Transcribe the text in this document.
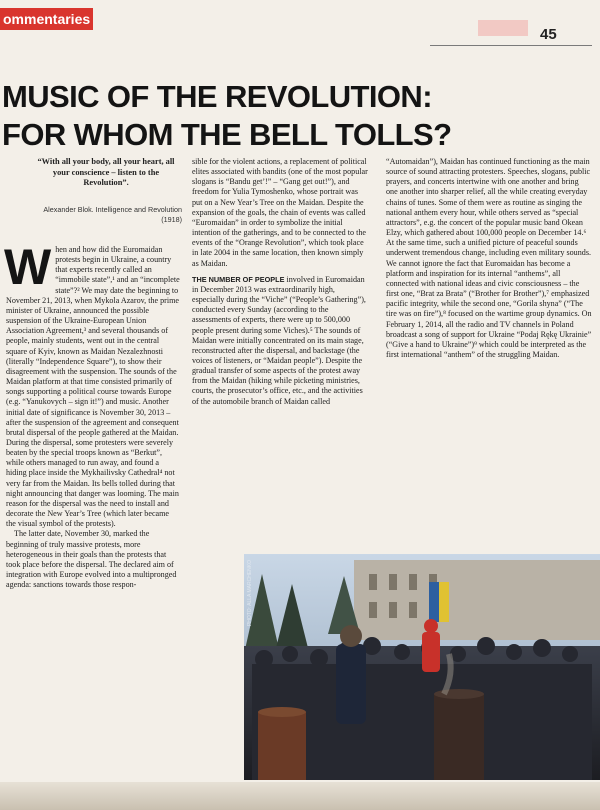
ommentaries
45
MUSIC OF THE REVOLUTION:
FOR WHOM THE BELL TOLLS?
“With all your body, all your heart, all your conscience – listen to the Revolution”.
Alexander Blok. Intelligence and Revolution (1918)
W hen and how did the Euromaidan protests begin in Ukraine, a country that experts recently called an “immobile state”,¹ and an “incomplete state”?² We may date the beginning to November 21, 2013, when Mykola Azarov, the prime minister of Ukraine, announced the possible suspension of the Ukraine-European Union Association Agreement,³ and several thousands of people, mainly students, went out in the central square of Kyiv, known as Maidan Nezalezhnosti (literally “Independence Square”), to show their disagreement with the suspension. The sounds of the Maidan platform at that time consisted primarily of songs supporting a political course towards Europe (e.g. “Yanukovych – sign it!”) and music. Another initial date of significance is November 30, 2013 – after the suspension of the agreement and consequent brutal dispersal of the people gathered at the Maidan. During the dispersal, some protesters were severely beaten by the special troops known as “Berkut”, while others managed to run away, and found a hiding place inside the Mykhailivsky Cathedral⁴ not very far from the Maidan. Its bells tolled during that night announcing that danger was looming. The main reason for the dispersal was the need to install and decorate the New Year’s Tree (which later became the visual symbol of the protests).

The latter date, November 30, marked the beginning of truly massive protests, more heterogeneous in their goals than the protests that took place before the dispersal. The declared aim of integration with Europe evolved into a multipronged agenda: sanctions towards those respon-

sible for the violent actions, a replacement of political elites associated with bandits (one of the most popular slogans is “Bandu get’!” – “Gang get out!”), and freedom for Yulia Tymoshenko, whose portrait was put on a New Year’s Tree on the Maidan. Despite the expansion of the goals, the chain of events was called “Euromaidan” in order to symbolize the initial intention of the gatherings, and to be connected to the events of the “Orange Revolution”, which took place in late 2004 in the same location, then known simply as Maidan.

THE NUMBER OF PEOPLE involved in Euromaidan in December 2013 was extraordinarily high, especially during the “Viche” (“People’s Gathering”), conducted every Sunday (according to the assessments of experts, there were up to 500,000 people present during some Viches).⁵ The sounds of Maidan were initially concentrated on its main stage, reconstructed after the dispersal, and backstage (the voices of listeners, or “Maidan people”). Despite the gradual transfer of some aspects of the protest away from the Maidan (hiking while picketing ministries, courts, the prosecutor’s office, etc., and the activities of the automobile branch of Maidan called

“Automaidan”), Maidan has continued functioning as the main source of sound attracting protesters. Speeches, slogans, public prayers, and concerts intertwine with one another and bring one another into sharper relief, all the while creating everyday chains of tunes. Some of them were as routine as singing the national anthem every hour, while others served as “special attractors”, e.g. the concert of the popular music band Okean Elzy, which gathered about 100,000 people on December 14.⁶ At the same time, such a unified picture of peaceful sounds underwent tremendous change, including even military sounds. We cannot ignore the fact that Euromaidan has become a platform and inspiration for its internal “anthems”, all connected with national ideas and civic consciousness – the first one, “Brat za Brata” (“Brother for Brother”),⁷ emphasized pacific integrity, while the second one, “Gorila shyna” (“The tire was on fire”),⁸ focused on the wartime group dynamics. On February 1, 2014, all the radio and TV channels in Poland broadcast a song of support for Ukraine “Podaj Rękę Ukrainie” (“Give a hand to Ukraine”)⁹ which could be interpreted as the first international “anthem” of the struggling Maidan.

PHOTO: ALLA MARCHENKO
